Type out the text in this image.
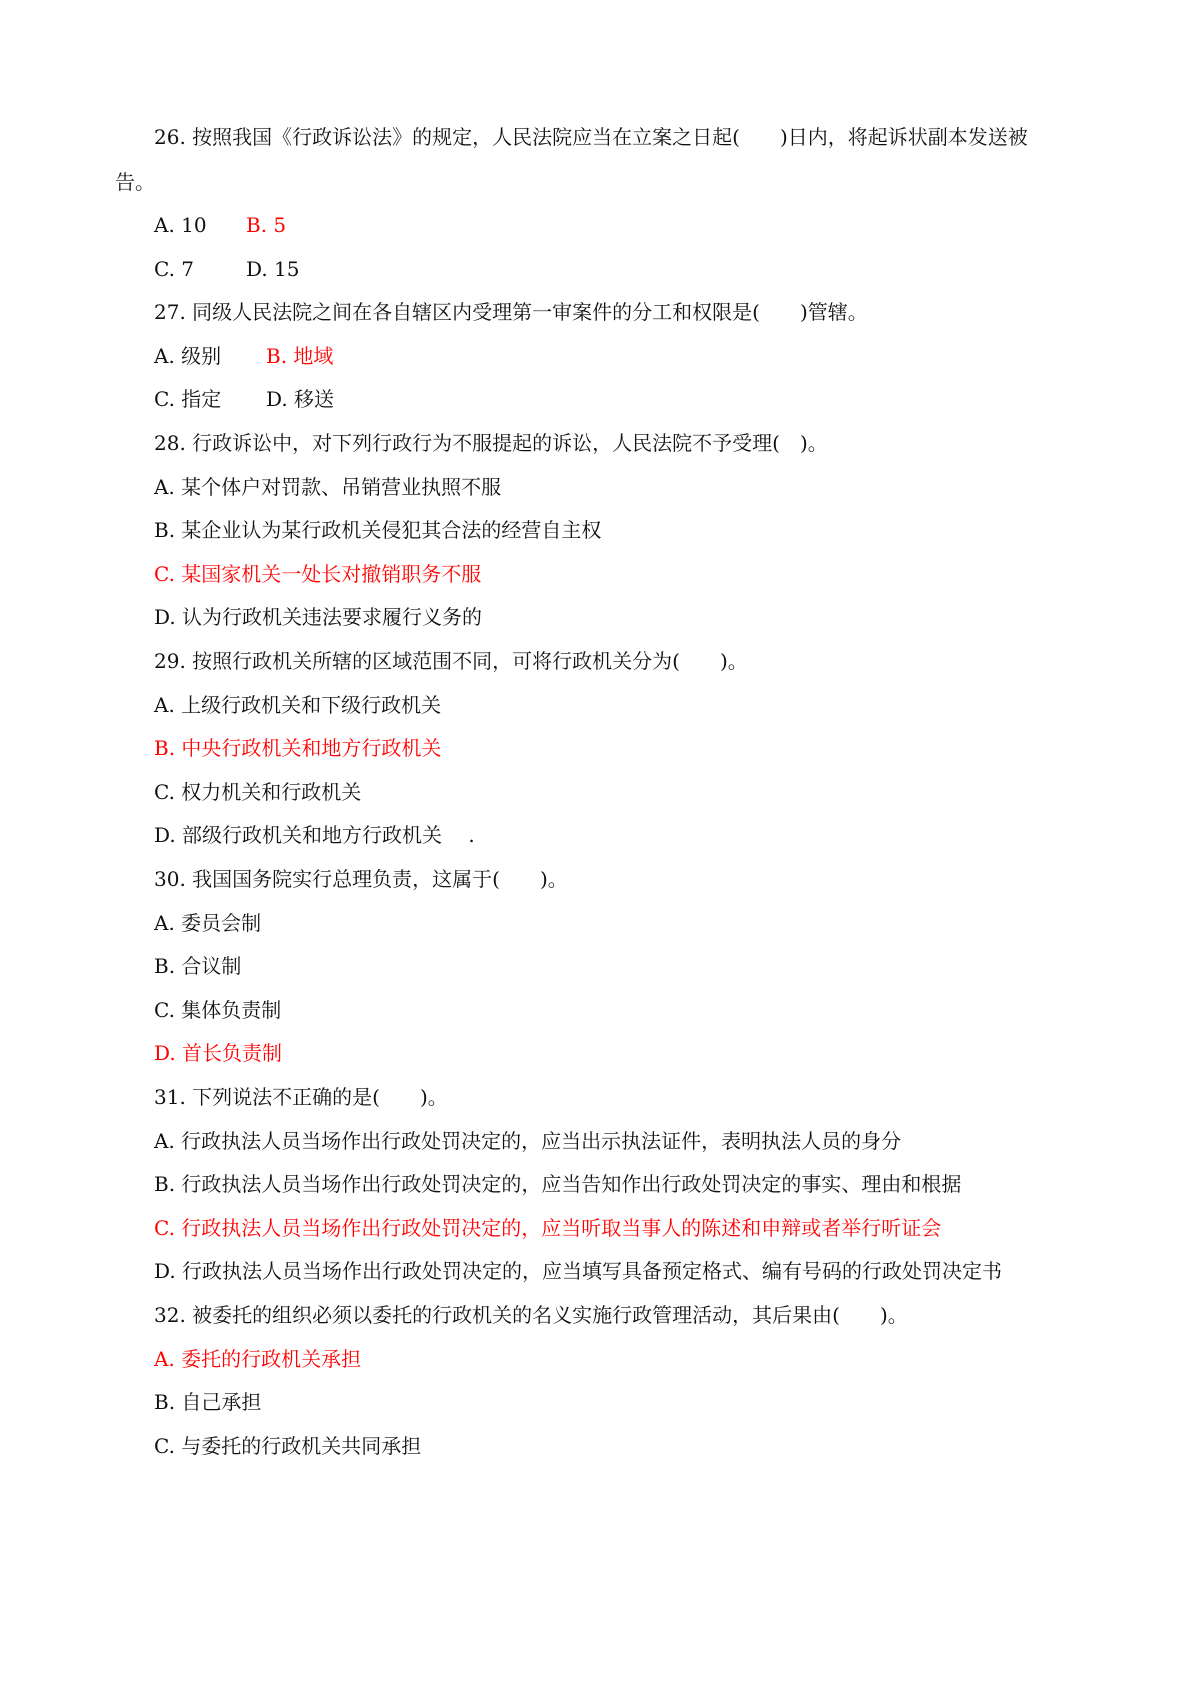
26. 按照我国《行政诉讼法》的规定，人民法院应当在立案之日起(　　)日内，将起诉状副本发送被
告。
A. 10 B. 5
C. 7	D. 15
27. 同级人民法院之间在各自辖区内受理第一审案件的分工和权限是(　　)管辖。
A. 级别 B. 地域
C. 指定 D. 移送
28. 行政诉讼中，对下列行政行为不服提起的诉讼，人民法院不予受理(　)。
A. 某个体户对罚款、吊销营业执照不服
B. 某企业认为某行政机关侵犯其合法的经营自主权
C. 某国家机关一处长对撤销职务不服
D. 认为行政机关违法要求履行义务的
29. 按照行政机关所辖的区域范围不同，可将行政机关分为(　　)。
A. 上级行政机关和下级行政机关
B. 中央行政机关和地方行政机关
C. 权力机关和行政机关
D. 部级行政机关和地方行政机关　 .
30. 我国国务院实行总理负责，这属于(　　)。
A. 委员会制
B. 合议制
C. 集体负责制
D. 首长负责制
31. 下列说法不正确的是(　　)。
A. 行政执法人员当场作出行政处罚决定的，应当出示执法证件，表明执法人员的身分
B. 行政执法人员当场作出行政处罚决定的，应当告知作出行政处罚决定的事实、理由和根据
C. 行政执法人员当场作出行政处罚决定的，应当听取当事人的陈述和申辩或者举行听证会
D. 行政执法人员当场作出行政处罚决定的，应当填写具备预定格式、编有号码的行政处罚决定书
32. 被委托的组织必须以委托的行政机关的名义实施行政管理活动，其后果由(　　)。
A. 委托的行政机关承担
B. 自己承担
C. 与委托的行政机关共同承担
